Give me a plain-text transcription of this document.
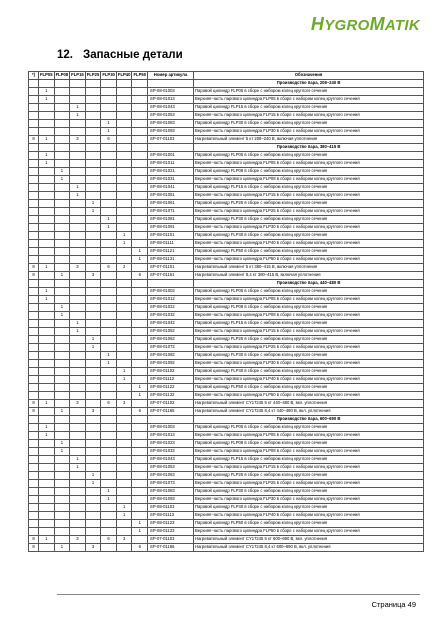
HYGROMATIK
12. Запасные детали
*)	FLP05	FLP08	FLP15	FLP25	FLP30	FLP40	FLP50	Номер артикула	Обозначения
									Производство пара, 208–240 В
	1							SP-08-01003	Паровой цилиндр FLP05 в сборе с набором колец круглого сечения
	1							SP-08-01013	Верхняя часть парового цилиндра FLP05 в сборе с набором колец круглого сечения
			1					SP-08-01043	Паровой цилиндр FLP15 в сборе с набором колец круглого сечения
			1					SP-08-01053	Верхняя часть парового цилиндра FLP15 в сборе с набором колец круглого сечения
					1			SP-08-01083	Паровой цилиндр FLP30 в сборе с набором колец круглого сечения
					1			SP-08-01093	Верхняя часть парового цилиндра FLP30 в сборе с набором колец круглого сечения
8	1		3		6			SP-07-01103	Нагревательный элемент 5 кт 208–240 В, включая уплотнения
									Производство пара, 380–415 В
	1							SP-08-01001	Паровой цилиндр FLP05 в сборе с набором колец круглого сечения
	1							SP-08-01011	Верхняя часть парового цилиндра FLP05 в сборе с набором колец круглого сечения
		1						SP-08-01021	Паровой цилиндр FLP08 в сборе с набором колец круглого сечения
		1						SP-08-01031	Верхняя часть парового цилиндра FLP08 в сборе с набором колец круглого сечения
			1					SP-08-01041	Паровой цилиндр FLP15 в сборе с набором колец круглого сечения
			1					SP-08-01051	Верхняя часть парового цилиндра FLP15 в сборе с набором колец круглого сечения
				1				SP-08-01061	Паровой цилиндр FLP25 в сборе с набором колец круглого сечения
				1				SP-08-01071	Верхняя часть парового цилиндра FLP25 в сборе с набором колец круглого сечения
					1			SP-08-01081	Паровой цилиндр FLP30 в сборе с набором колец круглого сечения
					1			SP-08-01091	Верхняя часть парового цилиндра FLP30 в сборе с набором колец круглого сечения
						1		SP-08-01101	Паровой цилиндр FLP40 в сборе с набором колец круглого сечения
						1		SP-08-01111	Верхняя часть парового цилиндра FLP40 в сборе с набором колец круглого сечения
							1	SP-08-01121	Паровой цилиндр FLP50 в сборе с набором колец круглого сечения
							1	SP-08-01131	Верхняя часть парового цилиндра FLP50 в сборе с набором колец круглого сечения
8	1		3		6	2		SP-07-01101	Нагревательный элемент 5 кт 380–415 В, включая уплотнения
8		1		3			6	SP-07-01161	Нагревательный элемент 8,4 кт 380–415 В, включая уплотнения
									Производство пара, 440–480 В
	1							SP-08-01002	Паровой цилиндр FLP05 в сборе с набором колец круглого сечения
	1							SP-08-01012	Верхняя часть парового цилиндра FLP05 в сборе с набором колец круглого сечения
		1						SP-08-01022	Паровой цилиндр FLP08 в сборе с набором колец круглого сечения
		1						SP-08-01032	Верхняя часть парового цилиндра FLP08 в сборе с набором колец круглого сечения
			1					SP-08-01042	Паровой цилиндр FLP15 в сборе с набором колец круглого сечения
			1					SP-08-01052	Верхняя часть парового цилиндра FLP15 в сборе с набором колец круглого сечения
				1				SP-08-01062	Паровой цилиндр FLP25 в сборе с набором колец круглого сечения
				1				SP-08-01072	Верхняя часть парового цилиндра FLP25 в сборе с набором колец круглого сечения
					1			SP-08-01082	Паровой цилиндр FLP30 в сборе с набором колец круглого сечения
					1			SP-08-01092	Верхняя часть парового цилиндра FLP30 в сборе с набором колец круглого сечения
						1		SP-08-01102	Паровой цилиндр FLP40 в сборе с набором колец круглого сечения
						1		SP-08-01112	Верхняя часть парового цилиндра FLP40 в сборе с набором колец круглого сечения
							1	SP-08-01122	Паровой цилиндр FLP50 в сборе с набором колец круглого сечения
							1	SP-08-01132	Верхняя часть парового цилиндра FLP50 в сборе с набором колец круглого сечения
8	1		3		6	3		SP-07-01102	Нагревательный элемент CY17245 5 кт 440–480 В, вкл. уплотнения
8		1		3			6	SP-07-01165	Нагревательный элемент CY17245 8,4 кт 440–480 В, вкл. уплотнения
									Производство пара, 600–690 В
	1							SP-08-01003	Паровой цилиндр FLP05 в сборе с набором колец круглого сечения
	1							SP-08-01013	Верхняя часть парового цилиндра FLP05 в сборе с набором колец круглого сечения
		1						SP-08-01023	Паровой цилиндр FLP08 в сборе с набором колец круглого сечения
		1						SP-08-01033	Верхняя часть парового цилиндра FLP08 в сборе с набором колец круглого сечения
			1					SP-08-01043	Паровой цилиндр FLP15 в сборе с набором колец круглого сечения
			1					SP-08-01053	Верхняя часть парового цилиндра FLP15 в сборе с набором колец круглого сечения
				1				SP-08-01063	Паровой цилиндр FLP25 в сборе с набором колец круглого сечения
				1				SP-08-01073	Верхняя часть парового цилиндра FLP25 в сборе с набором колец круглого сечения
					1			SP-08-01083	Паровой цилиндр FLP30 в сборе с набором колец круглого сечения
					1			SP-08-01093	Верхняя часть парового цилиндра FLP30 в сборе с набором колец круглого сечения
						1		SP-08-01103	Паровой цилиндр FLP40 в сборе с набором колец круглого сечения
						1		SP-08-01113	Верхняя часть парового цилиндра FLP40 в сборе с набором колец круглого сечения
							1	SP-08-01123	Паровой цилиндр FLP50 в сборе с набором колец круглого сечения
							1	SP-08-01133	Верхняя часть парового цилиндра FLP50 в сборе с набором колец круглого сечения
8	1		3		6	3		SP-07-01103	Нагревательный элемент CY17245 5 кт 600–690 В, вкл. уплотнения
8		1		3			6	SP-07-01166	Нагревательный элемент CY17245 8,4 кт 600–690 В, вкл. уплотнения
Страница 49
